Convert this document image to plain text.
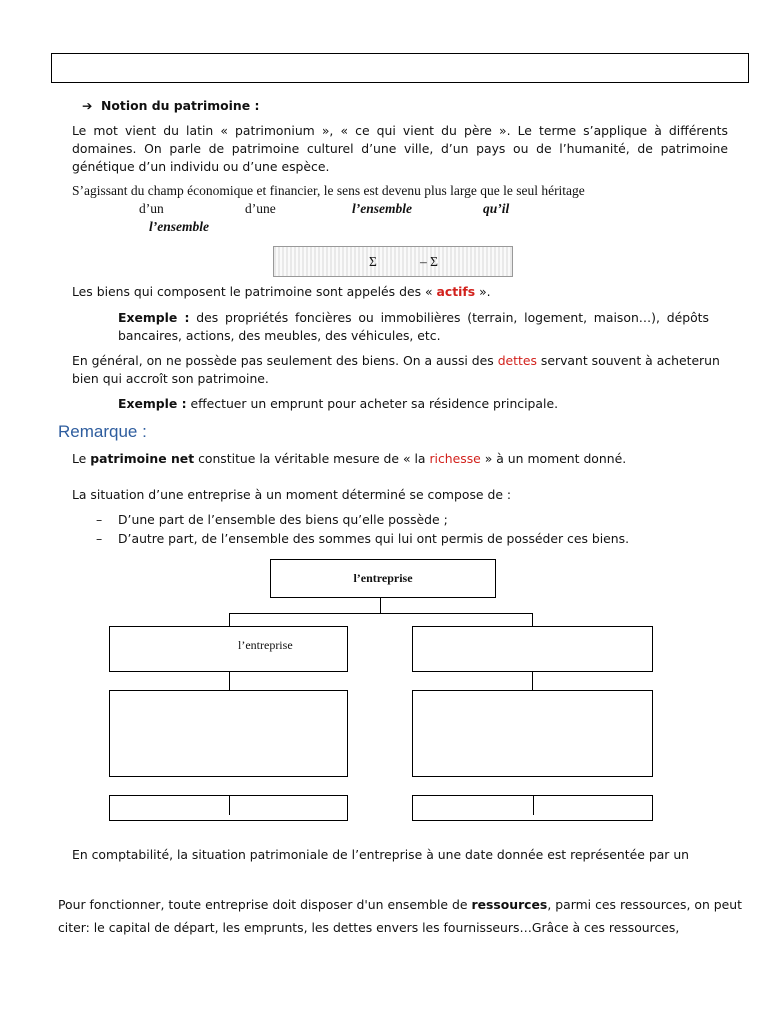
➔ Notion du patrimoine :
Le mot vient du latin « patrimonium », « ce qui vient du père ». Le terme s’applique à différents domaines. On parle de patrimoine culturel d’une ville, d’un pays ou de l’humanité, de patrimoine génétique d’un individu ou d’une espèce.
S’agissant du champ économique et financier, le sens est devenu plus large que le seul héritage
d’un	d’une	l’ensemble	qu’il
l’ensemble
Σ	– Σ
Les biens qui composent le patrimoine sont appelés des « actifs ».
Exemple : des propriétés foncières ou immobilières (terrain, logement, maison…), dépôts bancaires, actions, des meubles, des véhicules, etc.
En général, on ne possède pas seulement des biens. On a aussi des dettes servant souvent à acheterun bien qui accroît son patrimoine.
Exemple : effectuer un emprunt pour acheter sa résidence principale.
Remarque :
Le patrimoine net constitue la véritable mesure de « la richesse » à un moment donné.
La situation d’une entreprise à un moment déterminé se compose de :
– D’une part de l’ensemble des biens qu’elle possède ;
– D’autre part, de l’ensemble des sommes qui lui ont permis de posséder ces biens.
l’entreprise
l’entreprise
En comptabilité, la situation patrimoniale de l’entreprise à une date donnée est représentée par un
Pour fonctionner, toute entreprise doit disposer d'un ensemble de ressources, parmi ces ressources, on peut citer: le capital de départ, les emprunts, les dettes envers les fournisseurs…Grâce à ces ressources,
